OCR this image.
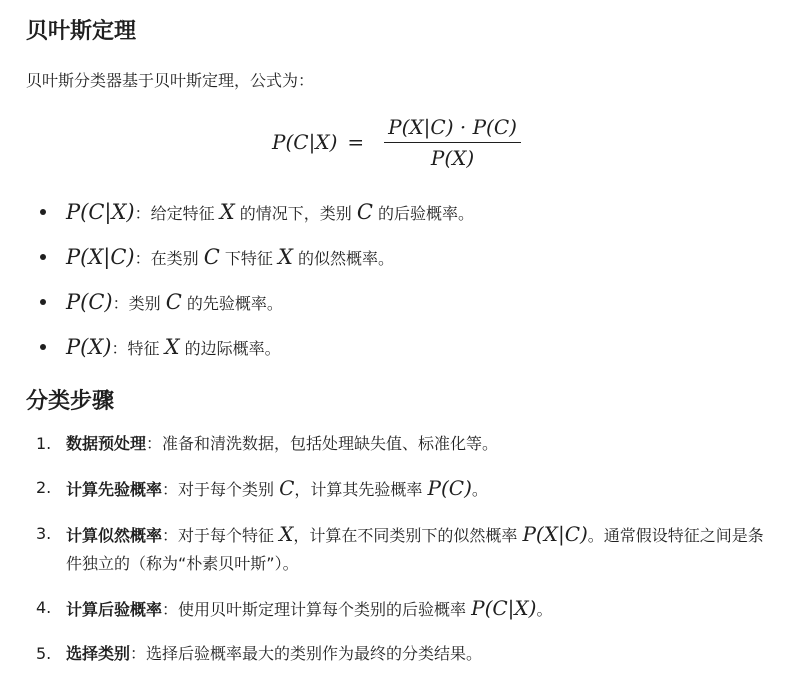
贝叶斯定理

贝叶斯分类器基于贝叶斯定理，公式为：

$P(C|X) = \frac{P(X|C) \cdot P(C)}{P(X)}$
P(C|X)：给定特征 X 的情况下，类别 C 的后验概率。
P(X|C)：在类别 C 下特征 X 的似然概率。
P(C)：类别 C 的先验概率。
P(X)：特征 X 的边际概率。
分类步骤
1. 数据预处理：准备和清洗数据，包括处理缺失值、标准化等。
2. 计算先验概率：对于每个类别 C，计算其先验概率 P(C)。
3. 计算似然概率：对于每个特征 X，计算在不同类别下的似然概率 P(X|C)。通常假设特征之间是条件独立的（称为“朴素贝叶斯”）。
4. 计算后验概率：使用贝叶斯定理计算每个类别的后验概率 P(C|X)。
5. 选择类别：选择后验概率最大的类别作为最终的分类结果。
